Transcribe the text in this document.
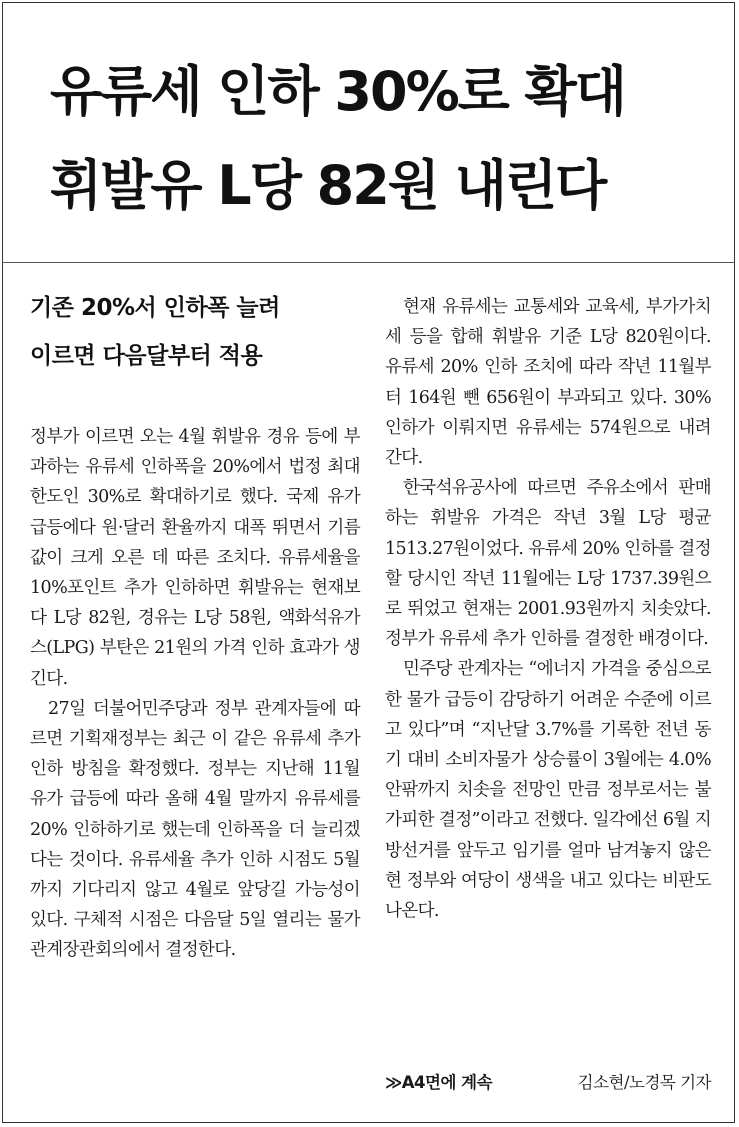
유류세 인하 30%로 확대
휘발유 L당 82원 내린다
기존 20%서 인하폭 늘려
이르면 다음달부터 적용

정부가 이르면 오는 4월 휘발유 경유 등에 부과하는 유류세 인하폭을 20%에서 법정 최대 한도인 30%로 확대하기로 했다. 국제 유가 급등에다 원·달러 환율까지 대폭 뛰면서 기름값이 크게 오른 데 따른 조치다. 유류세율을 10%포인트 추가 인하하면 휘발유는 현재보다 L당 82원, 경유는 L당 58원, 액화석유가스(LPG) 부탄은 21원의 가격 인하 효과가 생긴다.

27일 더불어민주당과 정부 관계자들에 따르면 기획재정부는 최근 이 같은 유류세 추가 인하 방침을 확정했다. 정부는 지난해 11월 유가 급등에 따라 올해 4월 말까지 유류세를 20% 인하하기로 했는데 인하폭을 더 늘리겠다는 것이다. 유류세율 추가 인하 시점도 5월까지 기다리지 않고 4월로 앞당길 가능성이 있다. 구체적 시점은 다음달 5일 열리는 물가관계장관회의에서 결정한다.

현재 유류세는 교통세와 교육세, 부가가치세 등을 합해 휘발유 기준 L당 820원이다. 유류세 20% 인하 조치에 따라 작년 11월부터 164원 뺀 656원이 부과되고 있다. 30% 인하가 이뤄지면 유류세는 574원으로 내려간다.

한국석유공사에 따르면 주유소에서 판매하는 휘발유 가격은 작년 3월 L당 평균 1513.27원이었다. 유류세 20% 인하를 결정할 당시인 작년 11월에는 L당 1737.39원으로 뛰었고 현재는 2001.93원까지 치솟았다. 정부가 유류세 추가 인하를 결정한 배경이다.

민주당 관계자는 “에너지 가격을 중심으로 한 물가 급등이 감당하기 어려운 수준에 이르고 있다”며 “지난달 3.7%를 기록한 전년 동기 대비 소비자물가 상승률이 3월에는 4.0% 안팎까지 치솟을 전망인 만큼 정부로서는 불가피한 결정”이라고 전했다. 일각에선 6월 지방선거를 앞두고 임기를 얼마 남겨놓지 않은 현 정부와 여당이 생색을 내고 있다는 비판도 나온다.

≫A4면에 계속	김소현/노경목 기자
